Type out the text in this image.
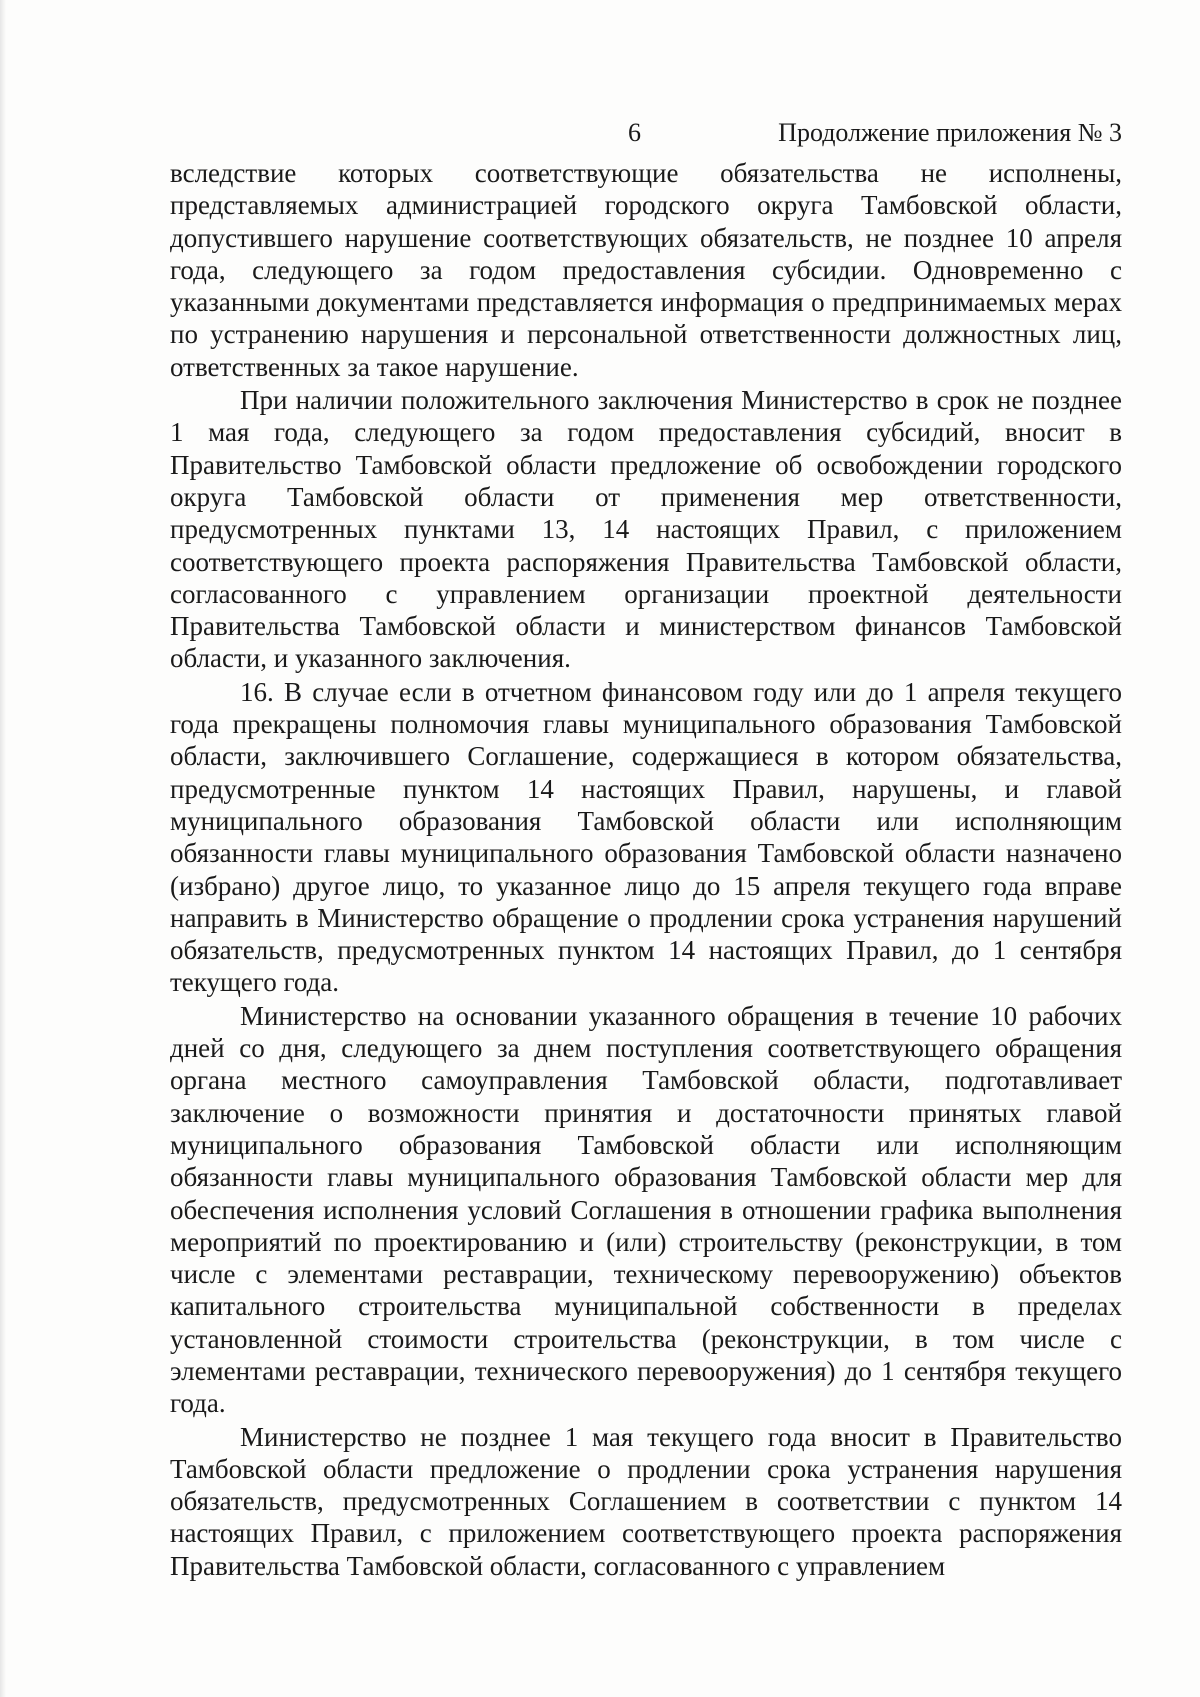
6	Продолжение приложения № 3

вследствие которых соответствующие обязательства не исполнены, представляемых администрацией городского округа Тамбовской области, допустившего нарушение соответствующих обязательств, не позднее 10 апреля года, следующего за годом предоставления субсидии. Одновременно с указанными документами представляется информация о предпринимаемых мерах по устранению нарушения и персональной ответственности должностных лиц, ответственных за такое нарушение.

При наличии положительного заключения Министерство в срок не позднее 1 мая года, следующего за годом предоставления субсидий, вносит в Правительство Тамбовской области предложение об освобождении городского округа Тамбовской области от применения мер ответственности, предусмотренных пунктами 13, 14 настоящих Правил, с приложением соответствующего проекта распоряжения Правительства Тамбовской области, согласованного с управлением организации проектной деятельности Правительства Тамбовской области и министерством финансов Тамбовской области, и указанного заключения.

16. В случае если в отчетном финансовом году или до 1 апреля текущего года прекращены полномочия главы муниципального образования Тамбовской области, заключившего Соглашение, содержащиеся в котором обязательства, предусмотренные пунктом 14 настоящих Правил, нарушены, и главой муниципального образования Тамбовской области или исполняющим обязанности главы муниципального образования Тамбовской области назначено (избрано) другое лицо, то указанное лицо до 15 апреля текущего года вправе направить в Министерство обращение о продлении срока устранения нарушений обязательств, предусмотренных пунктом 14 настоящих Правил, до 1 сентября текущего года.

Министерство на основании указанного обращения в течение 10 рабочих дней со дня, следующего за днем поступления соответствующего обращения органа местного самоуправления Тамбовской области, подготавливает заключение о возможности принятия и достаточности принятых главой муниципального образования Тамбовской области или исполняющим обязанности главы муниципального образования Тамбовской области мер для обеспечения исполнения условий Соглашения в отношении графика выполнения мероприятий по проектированию и (или) строительству (реконструкции, в том числе с элементами реставрации, техническому перевооружению) объектов капитального строительства муниципальной собственности в пределах установленной стоимости строительства (реконструкции, в том числе с элементами реставрации, технического перевооружения) до 1 сентября текущего года.

Министерство не позднее 1 мая текущего года вносит в Правительство Тамбовской области предложение о продлении срока устранения нарушения обязательств, предусмотренных Соглашением в соответствии с пунктом 14 настоящих Правил, с приложением соответствующего проекта распоряжения Правительства Тамбовской области, согласованного с управлением
